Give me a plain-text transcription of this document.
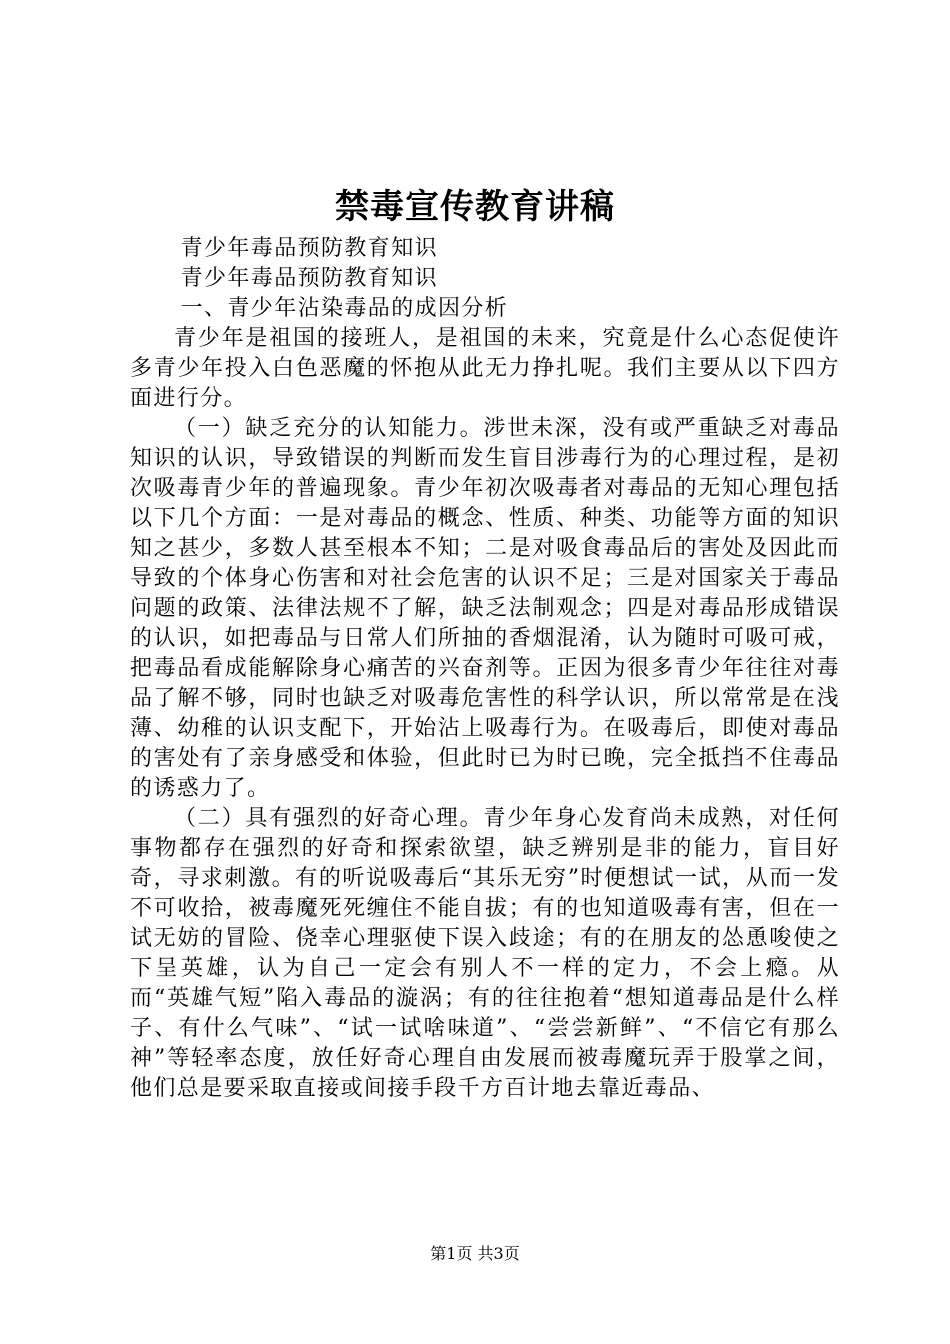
禁毒宣传教育讲稿

青少年毒品预防教育知识

青少年毒品预防教育知识

一、青少年沾染毒品的成因分析

青少年是祖国的接班人，是祖国的未来，究竟是什么心态促使许多青少年投入白色恶魔的怀抱从此无力挣扎呢。我们主要从以下四方面进行分。

（一）缺乏充分的认知能力。涉世未深，没有或严重缺乏对毒品知识的认识，导致错误的判断而发生盲目涉毒行为的心理过程，是初次吸毒青少年的普遍现象。青少年初次吸毒者对毒品的无知心理包括以下几个方面：一是对毒品的概念、性质、种类、功能等方面的知识知之甚少，多数人甚至根本不知；二是对吸食毒品后的害处及因此而导致的个体身心伤害和对社会危害的认识不足；三是对国家关于毒品问题的政策、法律法规不了解，缺乏法制观念；四是对毒品形成错误的认识，如把毒品与日常人们所抽的香烟混淆，认为随时可吸可戒，把毒品看成能解除身心痛苦的兴奋剂等。正因为很多青少年往往对毒品了解不够，同时也缺乏对吸毒危害性的科学认识，所以常常是在浅薄、幼稚的认识支配下，开始沾上吸毒行为。在吸毒后，即使对毒品的害处有了亲身感受和体验，但此时已为时已晚，完全抵挡不住毒品的诱惑力了。

（二）具有强烈的好奇心理。青少年身心发育尚未成熟，对任何事物都存在强烈的好奇和探索欲望，缺乏辨别是非的能力，盲目好奇，寻求刺激。有的听说吸毒后“其乐无穷”时便想试一试，从而一发不可收拾，被毒魔死死缠住不能自拔；有的也知道吸毒有害，但在一试无妨的冒险、侥幸心理驱使下误入歧途；有的在朋友的怂恿唆使之下呈英雄，认为自己一定会有别人不一样的定力，不会上瘾。从而“英雄气短”陷入毒品的漩涡；有的往往抱着“想知道毒品是什么样子、有什么气味”、“试一试啥味道”、“尝尝新鲜”、“不信它有那么神”等轻率态度，放任好奇心理自由发展而被毒魔玩弄于股掌之间，他们总是要采取直接或间接手段千方百计地去靠近毒品、

第1页 共3页
